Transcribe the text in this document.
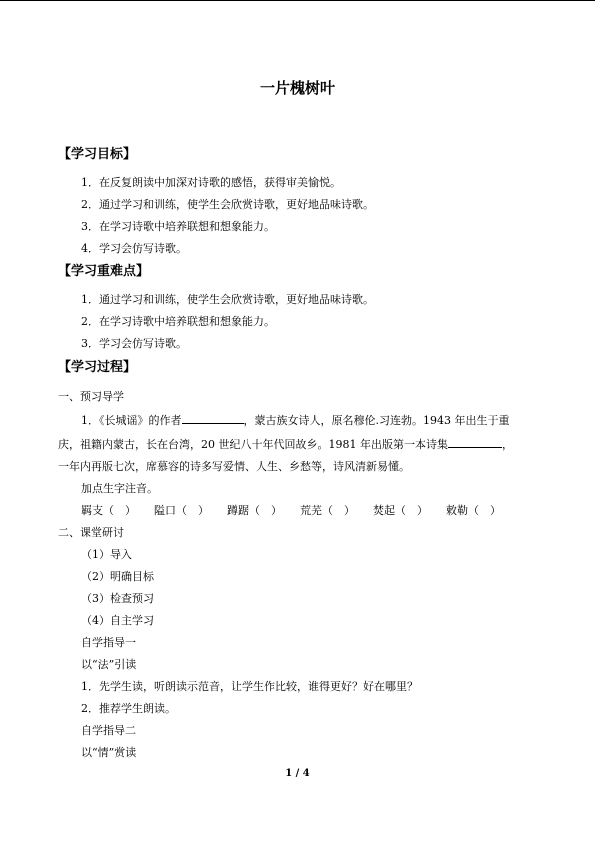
一片槐树叶
【学习目标】
1．在反复朗读中加深对诗歌的感悟，获得审美愉悦。
2．通过学习和训练，使学生会欣赏诗歌，更好地品味诗歌。
3．在学习诗歌中培养联想和想象能力。
4．学习会仿写诗歌。
【学习重难点】
1．通过学习和训练，使学生会欣赏诗歌，更好地品味诗歌。
2．在学习诗歌中培养联想和想象能力。
3．学习会仿写诗歌。
【学习过程】
一、预习导学
1．《长城谣》的作者	，蒙古族女诗人，原名穆伦.习连勃。1943 年出生于重
庆，祖籍内蒙古，长在台湾，20 世纪八十年代回故乡。1981 年出版第一本诗集	，
一年内再版七次，席慕容的诗多写爱情、人生、乡愁等，诗风清新易懂。
加点生字注音。
羁支（　） 隘口（　） 蹲踞（　） 荒芜（　） 焚起（　） 敕勒（　）
二、课堂研讨
（1）导入
（2）明确目标
（3）检查预习
（4）自主学习
自学指导一
以“法”引读
1．先学生读，听朗读示范音，让学生作比较，谁得更好？好在哪里？
2．推荐学生朗读。
自学指导二
以“情”赏读
1 / 4
